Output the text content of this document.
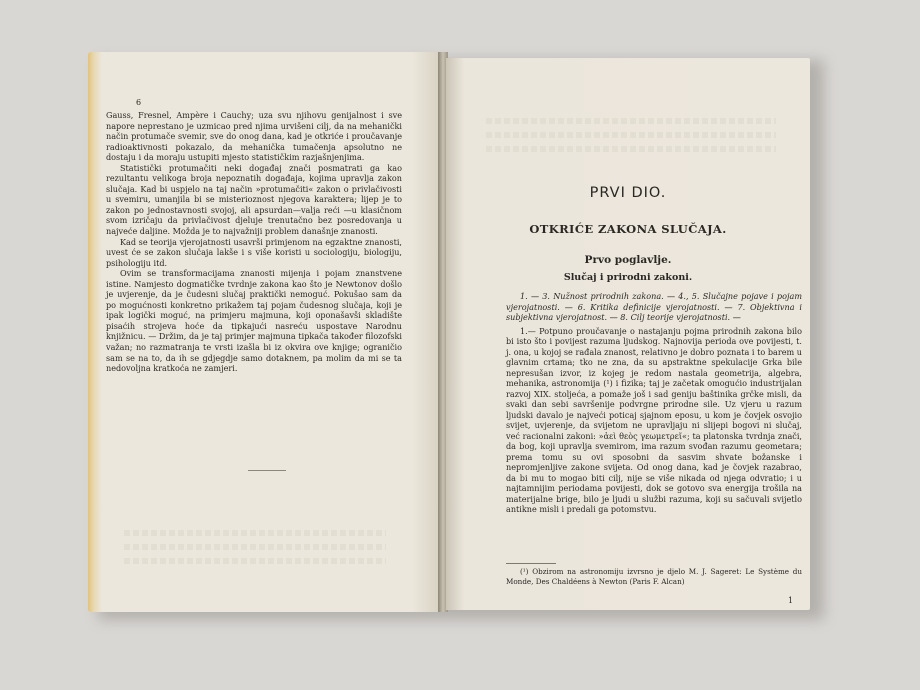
6

Gauss, Fresnel, Ampère i Cauchy; uza svu njihovu genijalnost i sve napore neprestano je uzmicao pred njima urvišeni cilj, da na mehanički način protumače svemir, sve do onog dana, kad je otkriće i proučavanje radioaktivnosti pokazalo, da mehanička tumačenja apsolutno ne dostaju i da moraju ustupiti mjesto statističkim razjašnjenjima.

Statistički protumačiti neki događaj znači posmatrati ga kao rezultantu velikoga broja nepoznatih događaja, kojima upravlja zakon slučaja. Kad bi uspjelo na taj način »protumačiti« zakon o privlačivosti u svemiru, umanjila bi se misterioznost njegova karaktera; lijep je to zakon po jednostavnosti svojoj, ali apsurdan—valja reći —u klasičnom svom izričaju da privlačivost djeluje trenutačno bez posredovanja u najveće daljine. Možda je to najvažniji problem današnje znanosti.

Kad se teorija vjerojatnosti usavrši primjenom na egzaktne znanosti, uvest će se zakon slučaja lakše i s više koristi u sociologiju, biologiju, psihologiju itd.

Ovim se transformacijama znanosti mijenja i pojam znanstvene istine. Namjesto dogmatičke tvrdnje zakona kao što je Newtonov došlo je uvjerenje, da je čudesni slučaj praktički nemoguć. Pokušao sam da po mogućnosti konkretno prikažem taj pojam čudesnog slučaja, koji je ipak logički moguć, na primjeru majmuna, koji oponašavši skladište pisaćih strojeva hoće da tipkajući nasreću uspostave Narodnu knjižnicu. — Držim, da je taj primjer majmuna tipkača također filozofski važan; no razmatranja te vrsti izašla bi iz okvira ove knjige; ograničio sam se na to, da ih se gdjegdje samo dotaknem, pa molim da mi se ta nedovoljna kratkoća ne zamjeri.

PRVI DIO.
OTKRIĆE ZAKONA SLUČAJA.
Prvo poglavlje.
Slučaj i prirodni zakoni.

1. — 3. Nužnost prirodnih zakona. — 4., 5. Slučajne pojave i pojam vjerojatnosti. — 6. Kritika definicije vjerojatnosti. — 7. Objektivna i subjektivna vjerojatnost. — 8. Cilj teorije vjerojatnosti. —

1.— Potpuno proučavanje o nastajanju pojma prirodnih zakona bilo bi isto što i povijest razuma ljudskog. Najnovija perioda ove povijesti, t. j. ona, u kojoj se rađala znanost, relativno je dobro poznata i to barem u glavnim crtama; tko ne zna, da su apstraktne spekulacije Grka bile nepresušan izvor, iz kojeg je redom nastala geometrija, algebra, mehanika, astronomija (¹) i fizika; taj je začetak omogućio industrijalan razvoj XIX. stoljeća, a pomaže još i sad geniju baštinika grčke misli, da svaki dan sebi savršenije podvrgne prirodne sile. Uz vjeru u razum ljudski davalo je najveći poticaj sjajnom eposu, u kom je čovjek osvojio svijet, uvjerenje, da svijetom ne upravljaju ni slijepi bogovi ni slučaj, već racionalni zakoni: »ἀεὶ θεὸς γεωμετρεῖ«; ta platonska tvrdnja znači, da bog, koji upravlja svemirom, ima razum svođan razumu geometara; prema tomu su ovi sposobni da sasvim shvate božanske i nepromjenljive zakone svijeta. Od onog dana, kad je čovjek razabrao, da bi mu to mogao biti cilj, nije se više nikada od njega odvratio; i u najtamnijim periodama povijesti, dok se gotovo sva energija trošila na materijalne brige, bilo je ljudi u službi razuma, koji su sačuvali svijetlo antikne misli i predali ga potomstvu.

(¹) Obzirom na astronomiju izvrsno je djelo M. J. Sageret: Le Système du Monde, Des Chaldéens à Newton (Paris F. Alcan)
1
